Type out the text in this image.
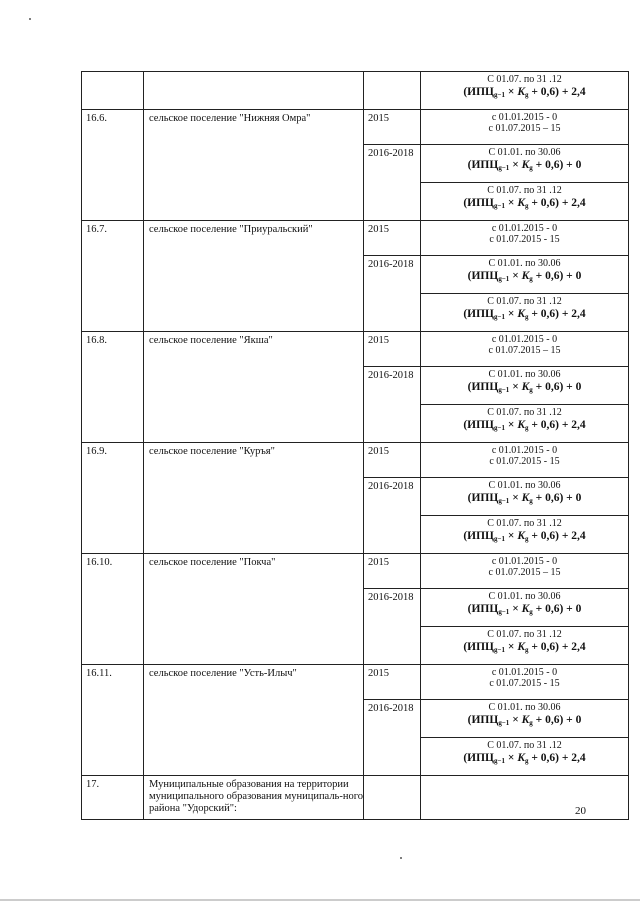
			С 01.07. по 31 .12
$(ИПЦ_{g-1} \times K_g + 0,6) + 2,4$

16.6.	сельское поселение "Нижняя Омра"	2015	с 01.01.2015 - 0
с 01.07.2015 – 15

		2016-2018	С 01.01. по 30.06
$(ИПЦ_{g-1} \times K_g + 0,6) + 0$

			С 01.07. по 31 .12
$(ИПЦ_{g-1} \times K_g + 0,6) + 2,4$

16.7.	сельское поселение "Приуральский"	2015	с 01.01.2015 - 0
с 01.07.2015 - 15

		2016-2018	С 01.01. по 30.06
$(ИПЦ_{g-1} \times K_g + 0,6) + 0$

			С 01.07. по 31 .12
$(ИПЦ_{g-1} \times K_g + 0,6) + 2,4$

16.8.	сельское поселение "Якша"	2015	с 01.01.2015 - 0
с 01.07.2015 – 15

		2016-2018	С 01.01. по 30.06
$(ИПЦ_{g-1} \times K_g + 0,6) + 0$

			С 01.07. по 31 .12
$(ИПЦ_{g-1} \times K_g + 0,6) + 2,4$

16.9.	сельское поселение "Куръя"	2015	с 01.01.2015 - 0
с 01.07.2015 - 15

		2016-2018	С 01.01. по 30.06
$(ИПЦ_{g-1} \times K_g + 0,6) + 0$

			С 01.07. по 31 .12
$(ИПЦ_{g-1} \times K_g + 0,6) + 2,4$

16.10.	сельское поселение "Покча"	2015	с 01.01.2015 - 0
с 01.07.2015 – 15

		2016-2018	С 01.01. по 30.06
$(ИПЦ_{g-1} \times K_g + 0,6) + 0$

			С 01.07. по 31 .12
$(ИПЦ_{g-1} \times K_g + 0,6) + 2,4$

16.11.	сельское поселение "Усть-Илыч"	2015	с 01.01.2015 - 0
с 01.07.2015 - 15

		2016-2018	С 01.01. по 30.06
$(ИПЦ_{g-1} \times K_g + 0,6) + 0$

			С 01.07. по 31 .12
$(ИПЦ_{g-1} \times K_g + 0,6) + 2,4$

17.	Муниципальные образования на территории муниципального образования муниципаль-ного района "Удорский":			20
